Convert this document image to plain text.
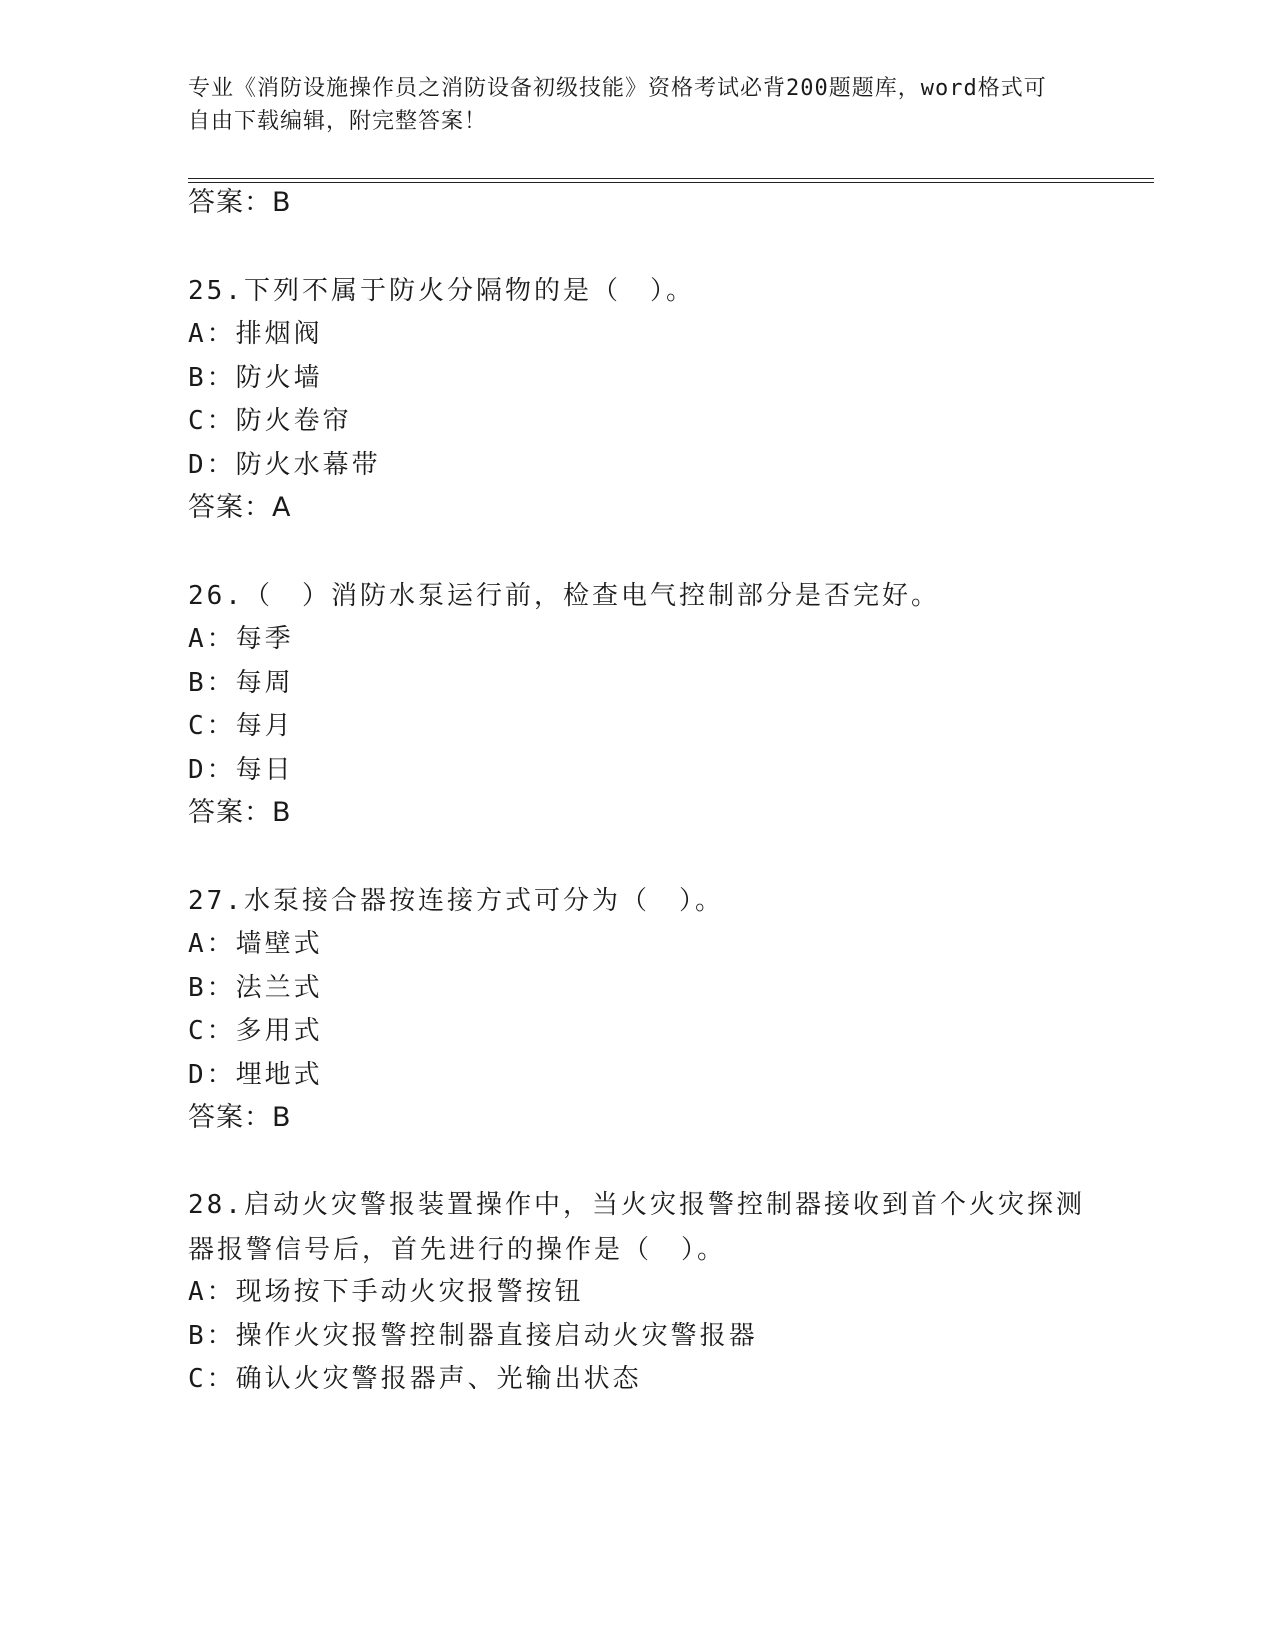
专业《消防设施操作员之消防设备初级技能》资格考试必背200题题库，word格式可自由下载编辑，附完整答案！
答案：B
25.下列不属于防火分隔物的是（　）。
A：排烟阀
B：防火墙
C：防火卷帘
D：防火水幕带
答案：A
26.（　）消防水泵运行前，检查电气控制部分是否完好。
A：每季
B：每周
C：每月
D：每日
答案：B
27.水泵接合器按连接方式可分为（　）。
A：墙壁式
B：法兰式
C：多用式
D：埋地式
答案：B
28.启动火灾警报装置操作中，当火灾报警控制器接收到首个火灾探测器报警信号后，首先进行的操作是（　）。
A：现场按下手动火灾报警按钮
B：操作火灾报警控制器直接启动火灾警报器
C：确认火灾警报器声、光输出状态
